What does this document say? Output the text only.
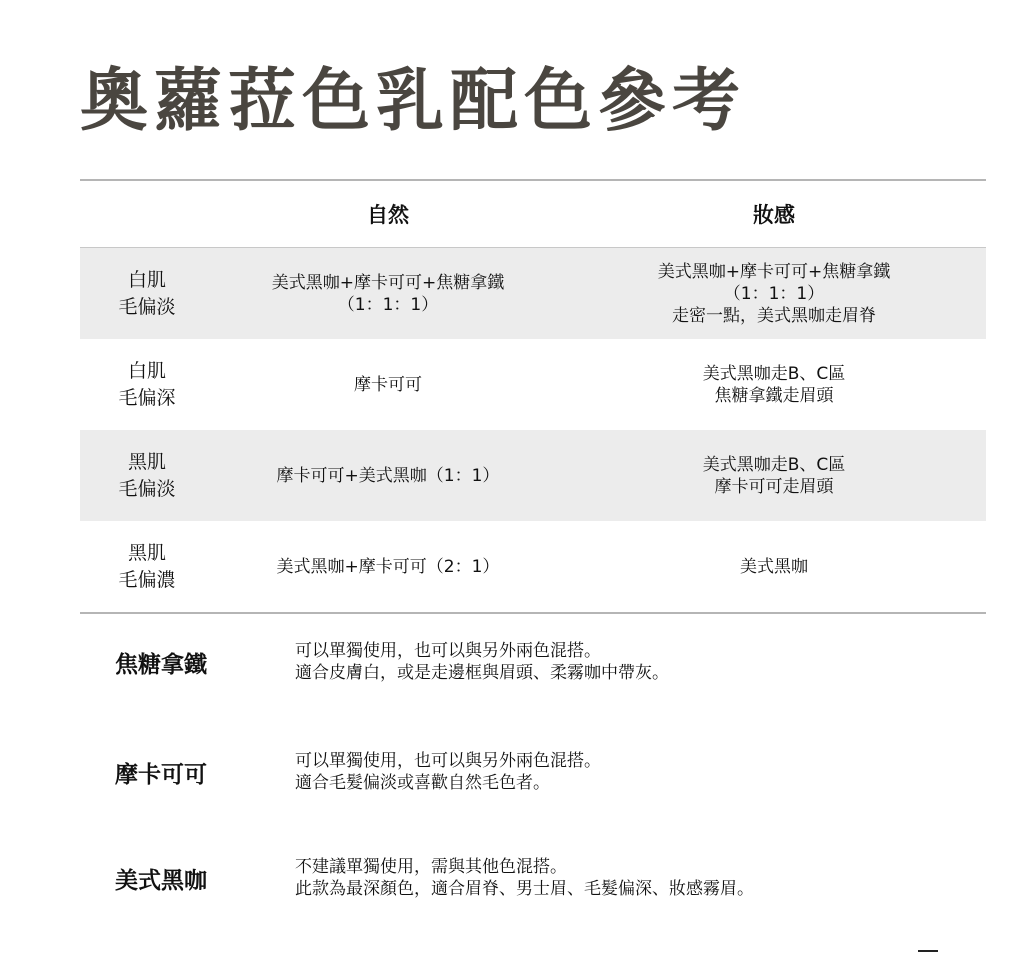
奧蘿菈色乳配色參考
自然	妝感
白肌
毛偏淡
美式黑咖+摩卡可可+焦糖拿鐵
（1：1：1）
美式黑咖+摩卡可可+焦糖拿鐵
（1：1：1）
走密一點，美式黑咖走眉脊
白肌
毛偏深
摩卡可可
美式黑咖走B、C區
焦糖拿鐵走眉頭
黑肌
毛偏淡
摩卡可可+美式黑咖（1：1）
美式黑咖走B、C區
摩卡可可走眉頭
黑肌
毛偏濃
美式黑咖+摩卡可可（2：1）	美式黑咖
焦糖拿鐵
可以單獨使用，也可以與另外兩色混搭。
適合皮膚白，或是走邊框與眉頭、柔霧咖中帶灰。
摩卡可可
可以單獨使用，也可以與另外兩色混搭。
適合毛髮偏淡或喜歡自然毛色者。
美式黑咖
不建議單獨使用，需與其他色混搭。
此款為最深顏色，適合眉脊、男士眉、毛髮偏深、妝感霧眉。
